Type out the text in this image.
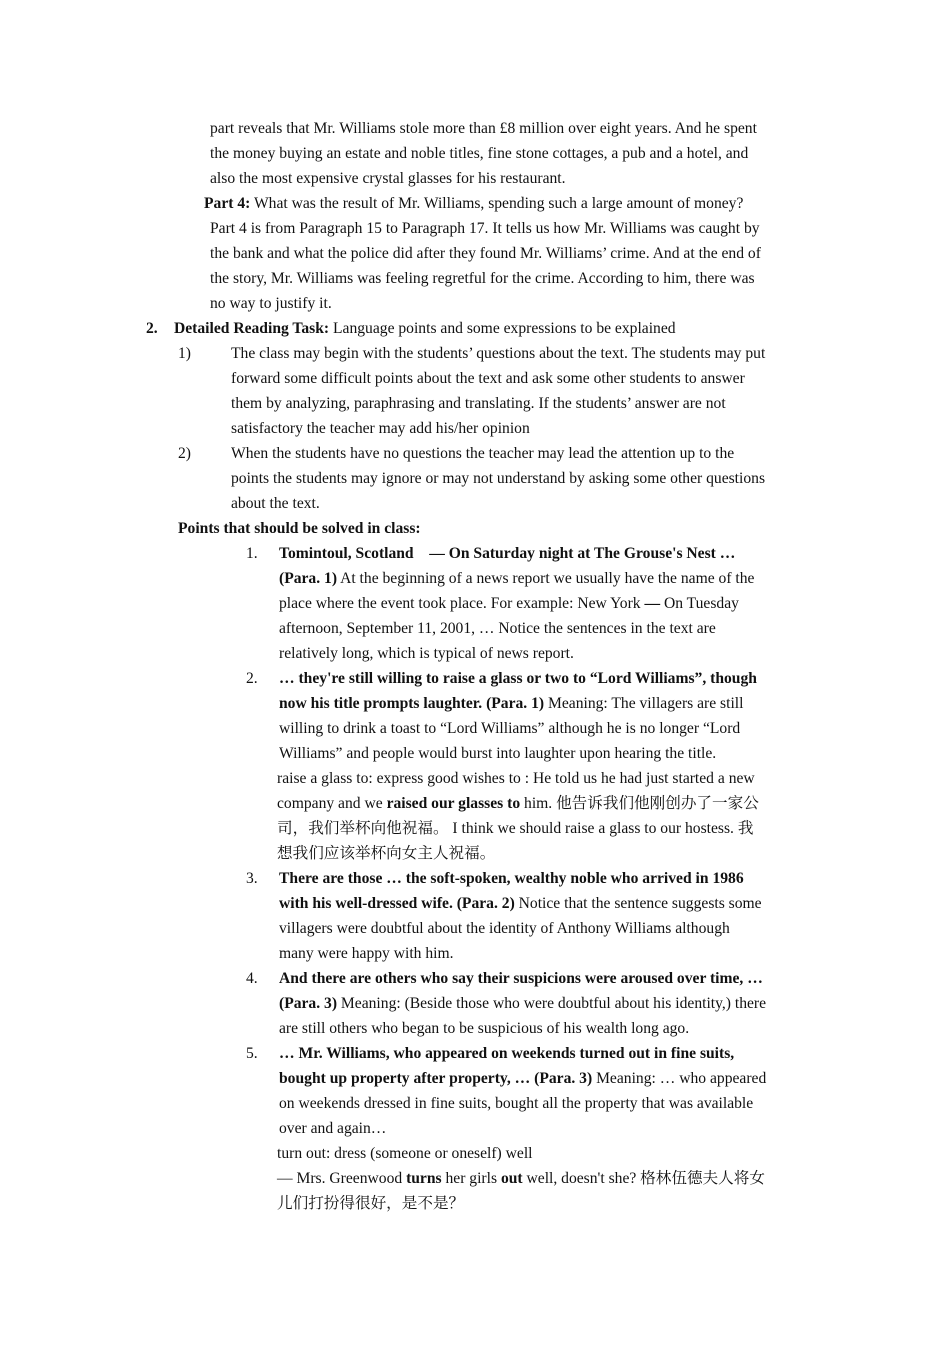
part reveals that Mr. Williams stole more than £8 million over eight years. And he spent
the money buying an estate and noble titles, fine stone cottages, a pub and a hotel, and
also the most expensive crystal glasses for his restaurant.
Part 4: What was the result of Mr. Williams, spending such a large amount of money?
Part 4 is from Paragraph 15 to Paragraph 17. It tells us how Mr. Williams was caught by
the bank and what the police did after they found Mr. Williams’ crime. And at the end of
the story, Mr. Williams was feeling regretful for the crime. According to him, there was
no way to justify it.
2. Detailed Reading Task: Language points and some expressions to be explained
1)	The class may begin with the students’ questions about the text. The students may put
forward some difficult points about the text and ask some other students to answer
them by analyzing, paraphrasing and translating. If the students’ answer are not
satisfactory the teacher may add his/her opinion
2)	When the students have no questions the teacher may lead the attention up to the
points the students may ignore or may not understand by asking some other questions
about the text.
Points that should be solved in class:
1. Tomintoul, Scotland　— On Saturday night at The Grouse's Nest …
(Para. 1) At the beginning of a news report we usually have the name of the
place where the event took place. For example: New York — On Tuesday
afternoon, September 11, 2001, … Notice the sentences in the text are
relatively long, which is typical of news report.
2. … they're still willing to raise a glass or two to “Lord Williams”, though
now his title prompts laughter. (Para. 1) Meaning: The villagers are still
willing to drink a toast to “Lord Williams” although he is no longer “Lord
Williams” and people would burst into laughter upon hearing the title.
raise a glass to: express good wishes to : He told us he had just started a new
company and we raised our glasses to him. 他告诉我们他刚创办了一家公
司，我们举杯向他祝福。 I think we should raise a glass to our hostess. 我
想我们应该举杯向女主人祝福。
3. There are those … the soft-spoken, wealthy noble who arrived in 1986
with his well-dressed wife. (Para. 2) Notice that the sentence suggests some
villagers were doubtful about the identity of Anthony Williams although
many were happy with him.
4. And there are others who say their suspicions were aroused over time, …
(Para. 3) Meaning: (Beside those who were doubtful about his identity,) there
are still others who began to be suspicious of his wealth long ago.
5. … Mr. Williams, who appeared on weekends turned out in fine suits,
bought up property after property, … (Para. 3) Meaning: … who appeared
on weekends dressed in fine suits, bought all the property that was available
over and again…
turn out: dress (someone or oneself) well
— Mrs. Greenwood turns her girls out well, doesn't she? 格林伍德夫人将女
儿们打扮得很好，是不是？
